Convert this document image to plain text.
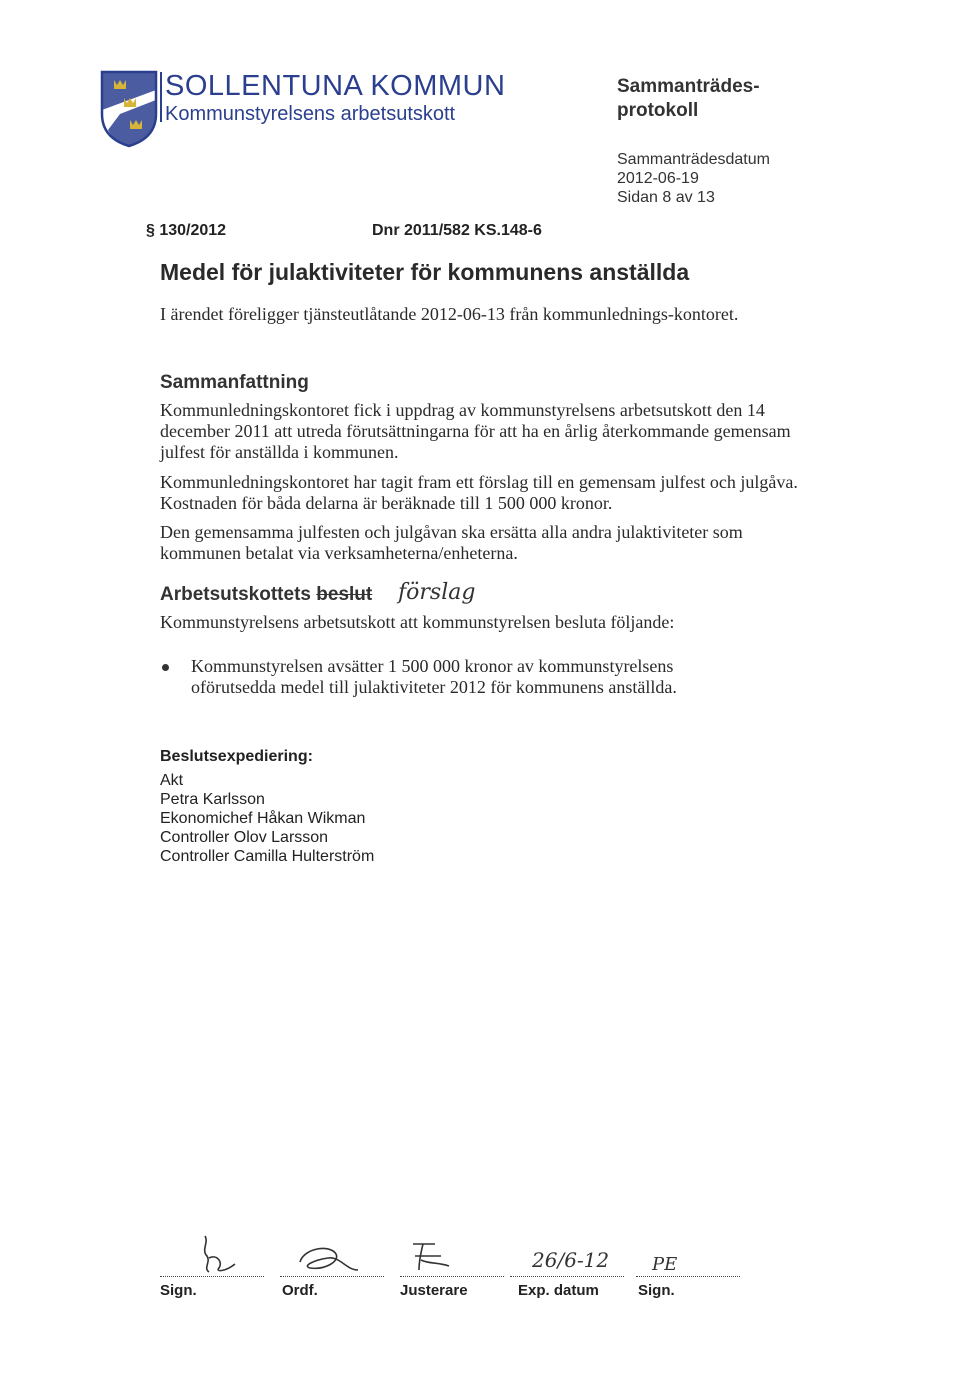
SOLLENTUNA KOMMUN
Kommunstyrelsens arbetsutskott
Sammanträdes-
protokoll
Sammanträdesdatum
2012-06-19
Sidan 8 av 13
§ 130/2012	Dnr 2011/582 KS.148-6
Medel för julaktiviteter för kommunens anställda
I ärendet föreligger tjänsteutlåtande 2012-06-13 från kommunlednings-kontoret.
Sammanfattning
Kommunledningskontoret fick i uppdrag av kommunstyrelsens arbetsutskott den 14 december 2011 att utreda förutsättningarna för att ha en årlig återkommande gemensam julfest för anställda i kommunen.
Kommunledningskontoret har tagit fram ett förslag till en gemensam julfest och julgåva. Kostnaden för båda delarna är beräknade till 1 500 000 kronor.
Den gemensamma julfesten och julgåvan ska ersätta alla andra julaktiviteter som kommunen betalat via verksamheterna/enheterna.
Arbetsutskottets beslut förslag
Kommunstyrelsens arbetsutskott att kommunstyrelsen besluta följande:
Kommunstyrelsen avsätter 1 500 000 kronor av kommunstyrelsens oförutsedda medel till julaktiviteter 2012 för kommunens anställda.
Beslutsexpediering:
Akt
Petra Karlsson
Ekonomichef Håkan Wikman
Controller Olov Larsson
Controller Camilla Hulterström
26/6-12 PE
Sign.	Ordf.	Justerare	Exp. datum	Sign.
